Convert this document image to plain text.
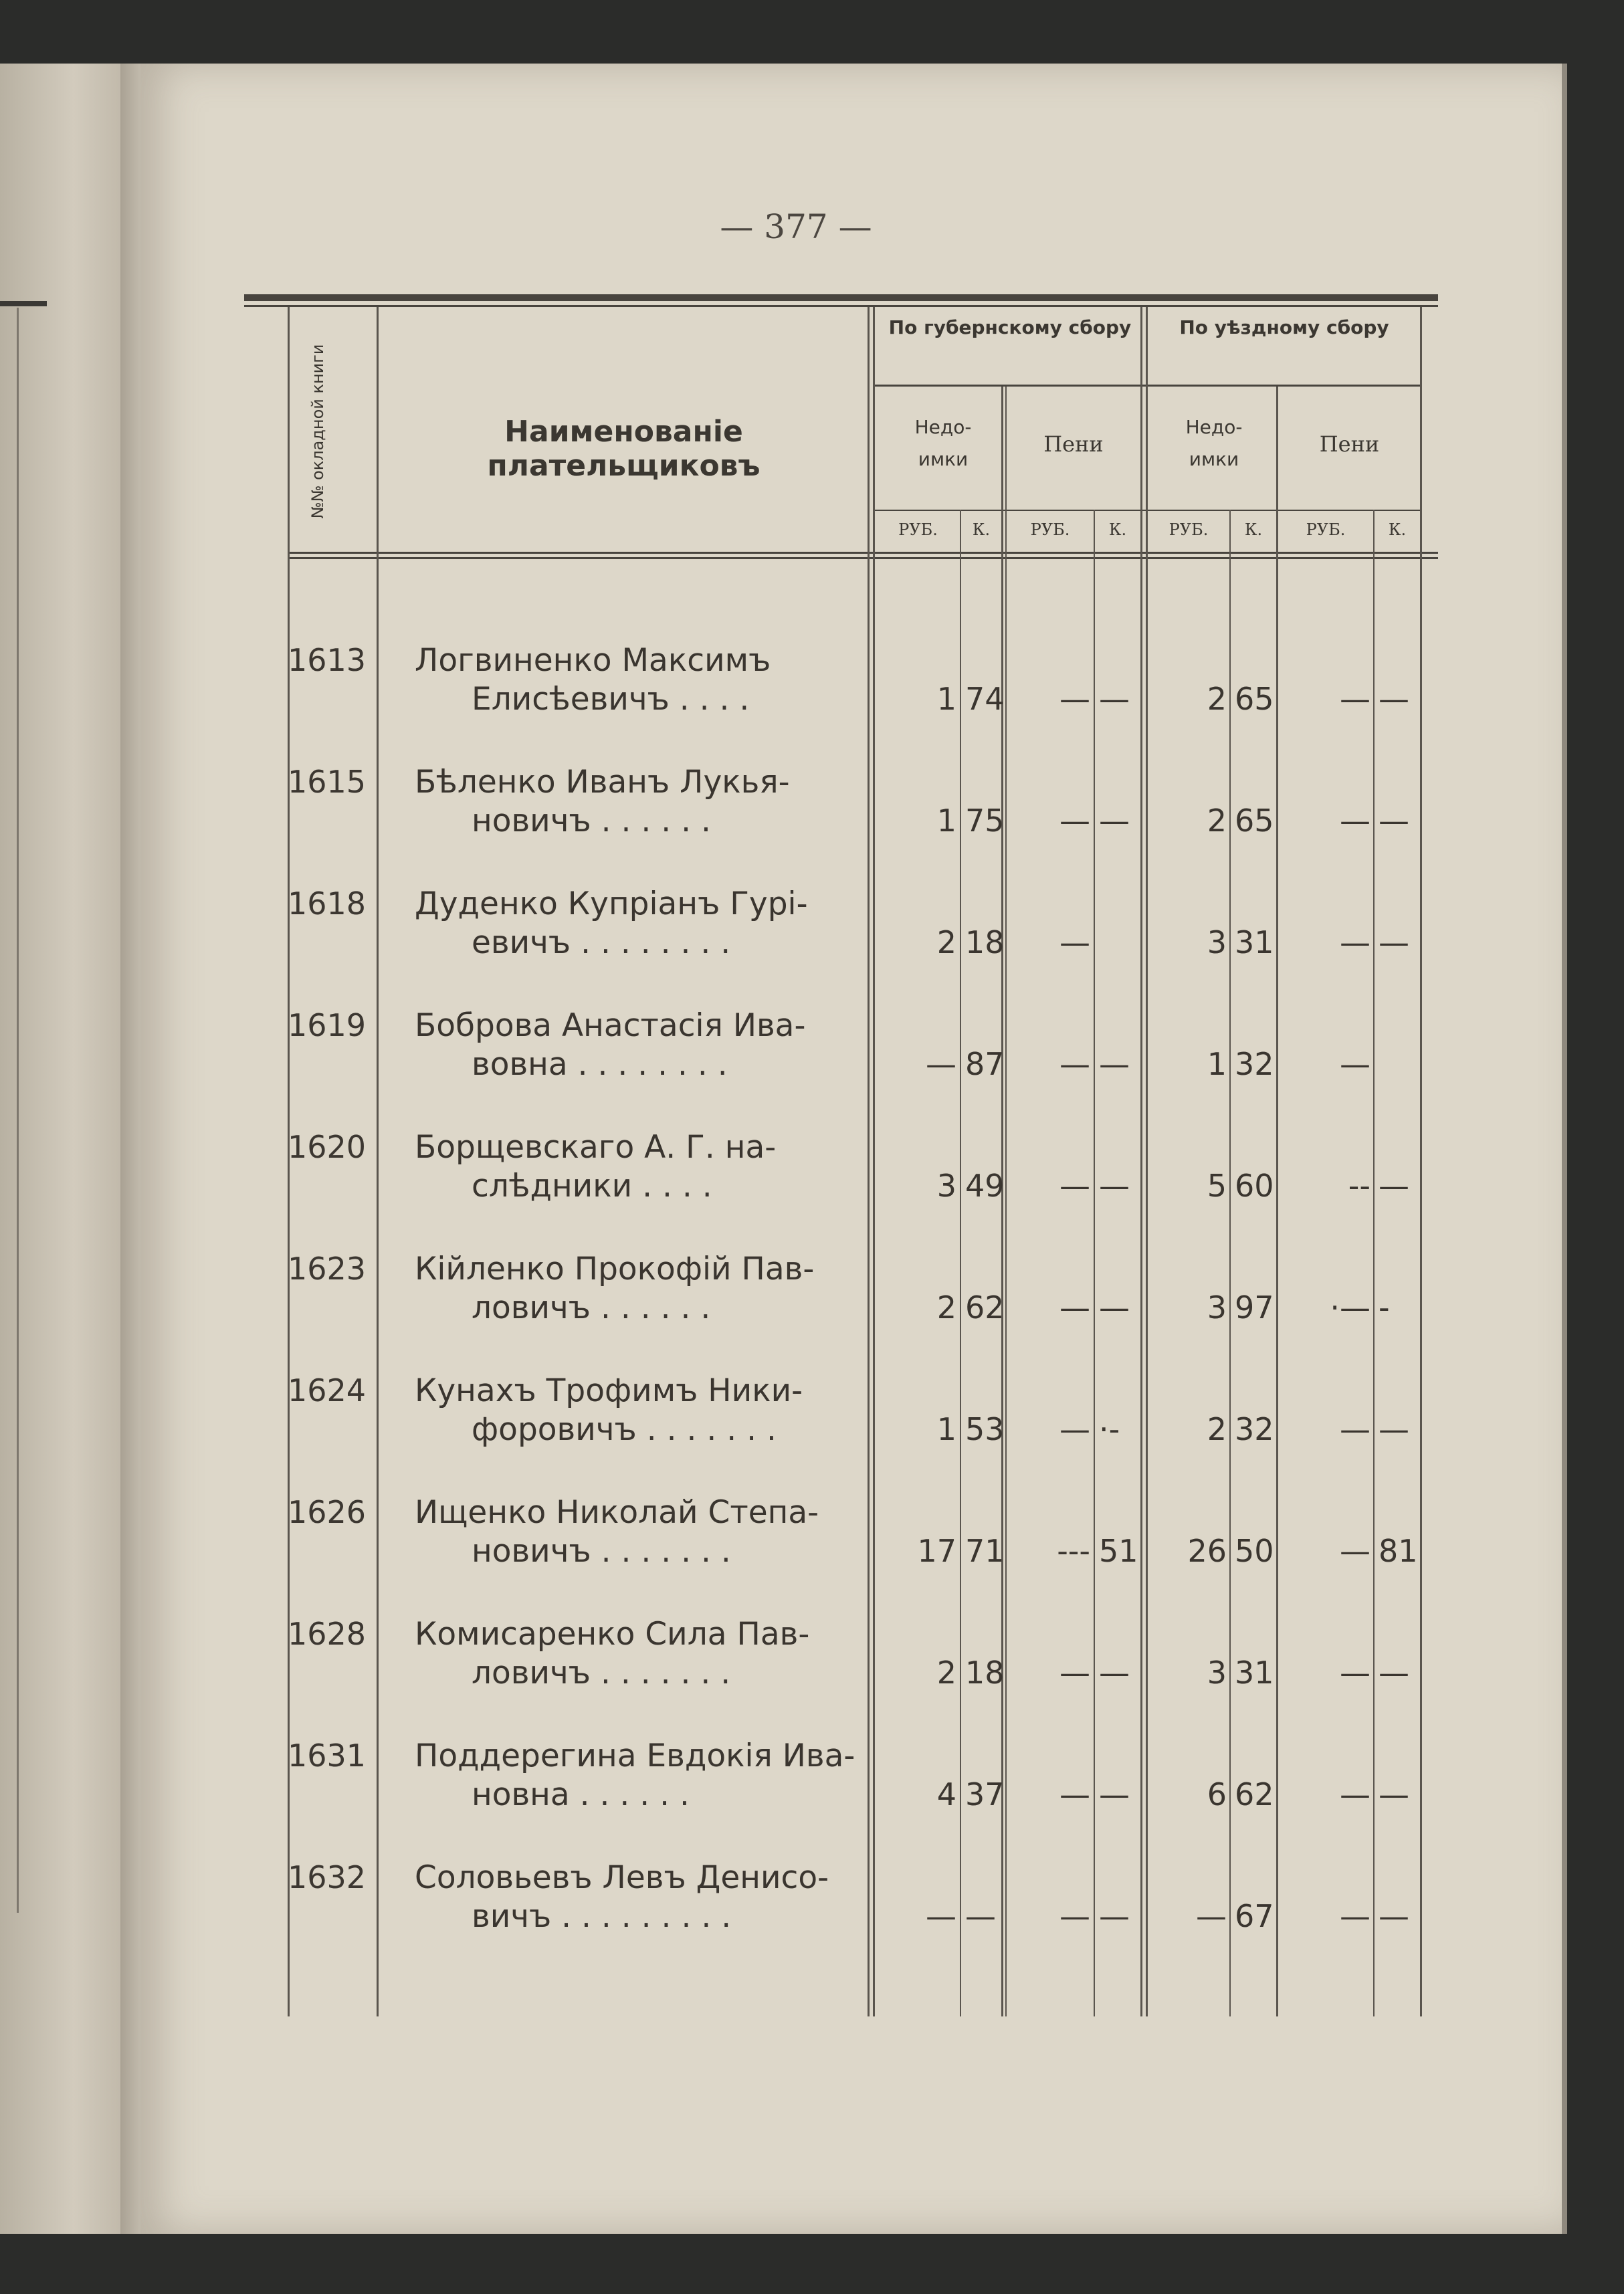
— 377 —
№№ окладной книги	Наименованіе плательщиковъ
По губернскому сбору	По уѣздному сбору
Недо- имки
Пени
Недо- имки
Пени
РУБ.	К.	РУБ.	К.	РУБ.	К.	РУБ.	К.
1613	Логвиненко Максимъ
Елисѣевичъ . . . .	1 74	— —	2 65	— —
1615	Бѣленко Иванъ Лукья-
новичъ . . . . . .	1 75	— —	2 65	— —
1618	Дуденко Купріанъ Гурі-
евичъ . . . . . . . .	2 18	—	3 31	— —
1619	Боброва Анастасія Ива-
вовна . . . . . . . .	— 87	— —	1 32	—
1620	Борщевскаго А. Г. на-
слѣдники . . . .	3 49	— —	5 60	-- —
1623	Кійленко Прокофій Пав-
ловичъ . . . . . .	2 62	— —	3 97	·— -
1624	Кунахъ Трофимъ Ники-
форовичъ . . . . . . .	1 53	— ·-	2 32	— —
1626	Ищенко Николай Степа-
новичъ . . . . . . .	17 71	--- 51	26 50	— 81
1628	Комисаренко Сила Пав-
ловичъ . . . . . . .	2 18	— —	3 31	— —
1631	Поддерегина Евдокія Ива-
новна . . . . . .	4 37	— —	6 62	— —
1632	Соловьевъ Левъ Денисо-
вичъ . . . . . . . . .	— —	— —	— 67	— —
